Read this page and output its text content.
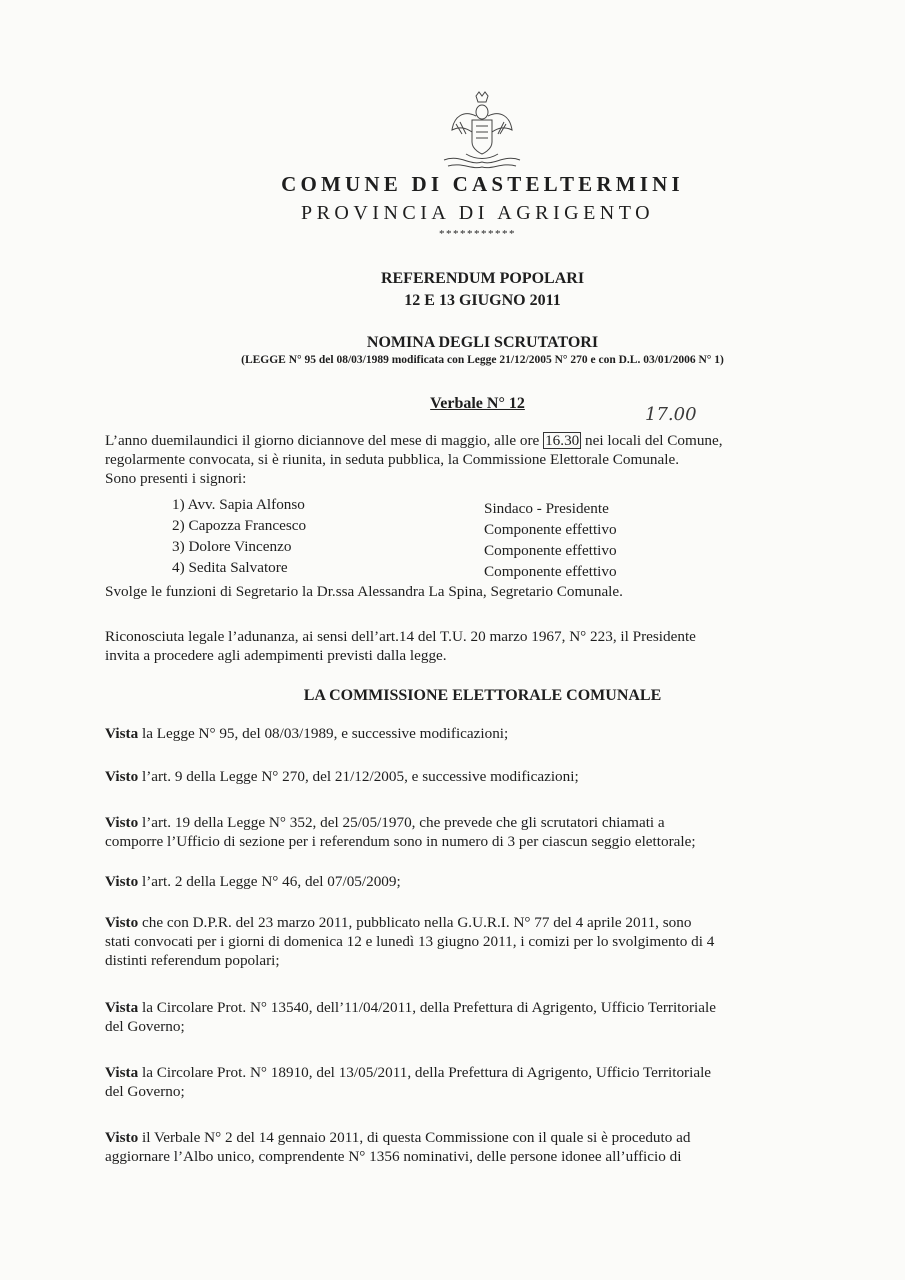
COMUNE DI CASTELTERMINI
PROVINCIA DI AGRIGENTO
***********
REFERENDUM POPOLARI
12 E 13 GIUGNO 2011
NOMINA DEGLI SCRUTATORI
(LEGGE N° 95 del 08/03/1989 modificata con Legge 21/12/2005 N° 270 e con D.L. 03/01/2006 N° 1)
Verbale N° 12
17.00
L’anno duemilaundici il giorno diciannove del mese di maggio, alle ore 16.30 nei locali del Comune,
regolarmente convocata, si è riunita, in seduta pubblica, la Commissione Elettorale Comunale.
Sono presenti i signori:
1) Avv. Sapia Alfonso	Sindaco - Presidente
2) Capozza Francesco	Componente effettivo
3) Dolore Vincenzo	Componente effettivo
4) Sedita Salvatore	Componente effettivo
Svolge le funzioni di Segretario la Dr.ssa Alessandra La Spina, Segretario Comunale.
Riconosciuta legale l’adunanza, ai sensi dell’art.14 del T.U. 20 marzo 1967, N° 223, il Presidente
invita a procedere agli adempimenti previsti dalla legge.
LA COMMISSIONE ELETTORALE COMUNALE
Vista la Legge N° 95, del 08/03/1989, e successive modificazioni;
Visto l’art. 9 della Legge N° 270, del 21/12/2005, e successive modificazioni;
Visto l’art. 19 della Legge N° 352, del 25/05/1970, che prevede che gli scrutatori chiamati a
comporre l’Ufficio di sezione per i referendum sono in numero di 3 per ciascun seggio elettorale;
Visto l’art. 2 della Legge N° 46, del 07/05/2009;
Visto che con D.P.R. del 23 marzo 2011, pubblicato nella G.U.R.I. N° 77 del 4 aprile 2011, sono
stati convocati per i giorni di domenica 12 e lunedì 13 giugno 2011, i comizi per lo svolgimento di 4
distinti referendum popolari;
Vista la Circolare Prot. N° 13540, dell’11/04/2011, della Prefettura di Agrigento, Ufficio Territoriale
del Governo;
Vista la Circolare Prot. N° 18910, del 13/05/2011, della Prefettura di Agrigento, Ufficio Territoriale
del Governo;
Visto il Verbale N° 2 del 14 gennaio 2011, di questa Commissione con il quale si è proceduto ad
aggiornare l’Albo unico, comprendente N° 1356 nominativi, delle persone idonee all’ufficio di
